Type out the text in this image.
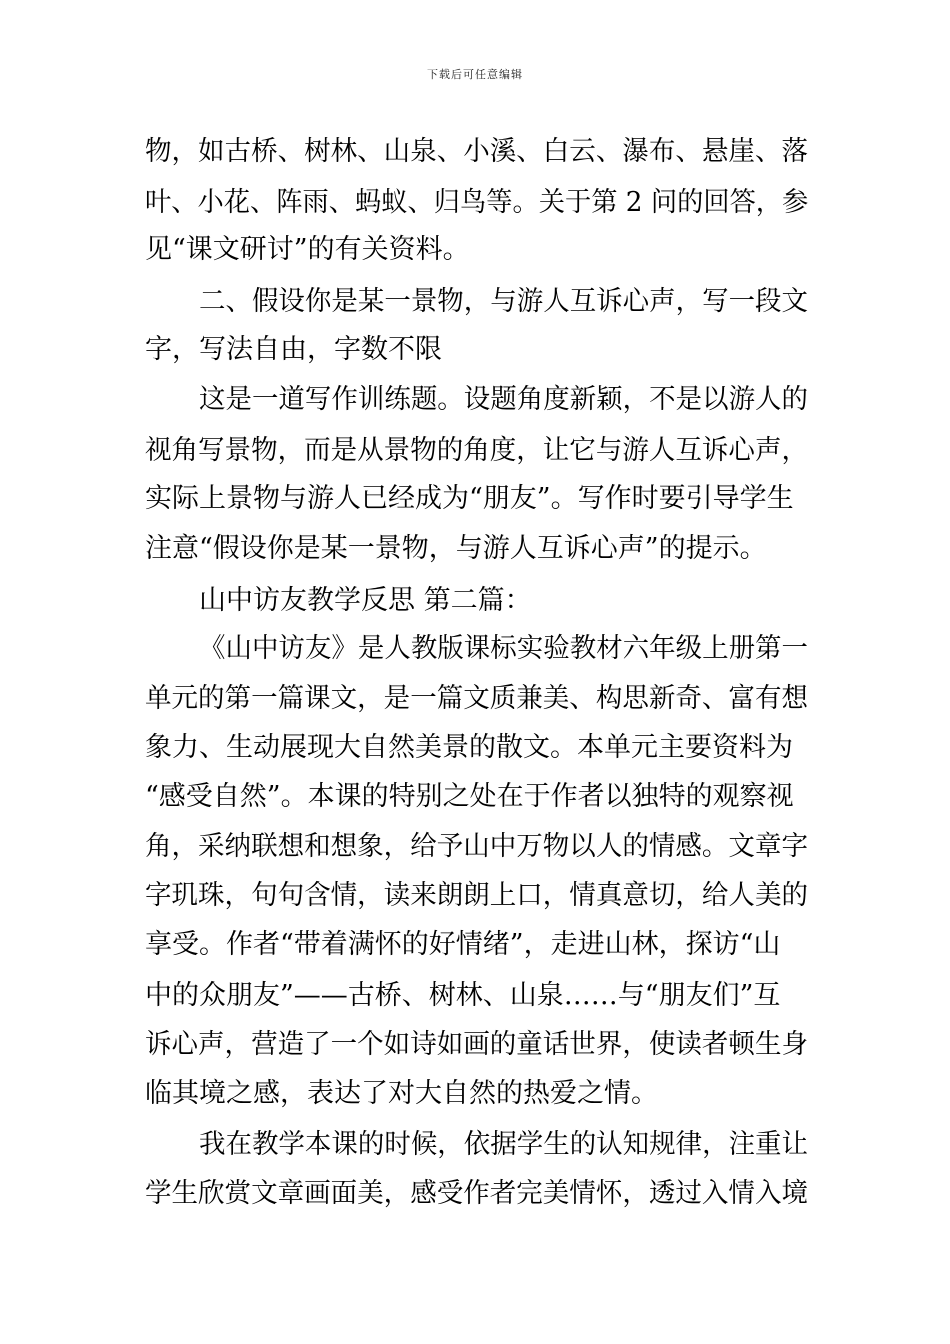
下载后可任意编辑
物，如古桥、树林、山泉、小溪、白云、瀑布、悬崖、落
叶、小花、阵雨、蚂蚁、归鸟等。关于第 2 问的回答，参
见“课文研讨”的有关资料。
二、假设你是某一景物，与游人互诉心声，写一段文
字，写法自由，字数不限
这是一道写作训练题。设题角度新颖，不是以游人的
视角写景物，而是从景物的角度，让它与游人互诉心声，
实际上景物与游人已经成为“朋友”。写作时要引导学生
注意“假设你是某一景物，与游人互诉心声”的提示。
山中访友教学反思 第二篇：
《山中访友》是人教版课标实验教材六年级上册第一
单元的第一篇课文，是一篇文质兼美、构思新奇、富有想
象力、生动展现大自然美景的散文。本单元主要资料为
“感受自然”。本课的特别之处在于作者以独特的观察视
角，采纳联想和想象，给予山中万物以人的情感。文章字
字玑珠，句句含情，读来朗朗上口，情真意切，给人美的
享受。作者“带着满怀的好情绪”，走进山林，探访“山
中的众朋友”——古桥、树林、山泉……与“朋友们”互
诉心声，营造了一个如诗如画的童话世界，使读者顿生身
临其境之感，表达了对大自然的热爱之情。
我在教学本课的时候，依据学生的认知规律，注重让
学生欣赏文章画面美，感受作者完美情怀，透过入情入境
